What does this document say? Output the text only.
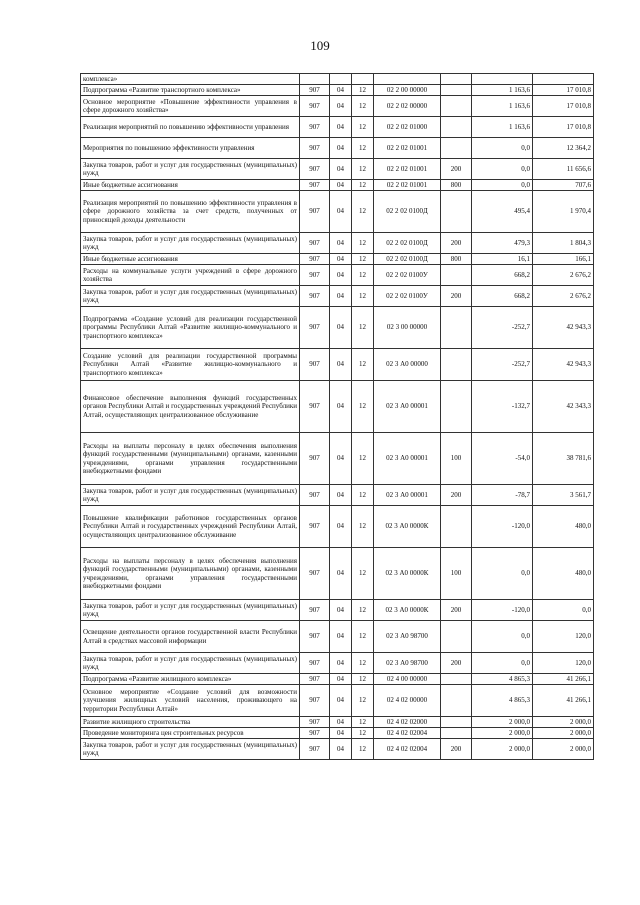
109
комплекса»							
Подпрограмма «Развитие транспортного комплекса»	907	04	12	02 2 00 00000		1 163,6	17 010,8
Основное мероприятие «Повышение эффективности управления в сфере дорожного хозяйства»	907	04	12	02 2 02 00000		1 163,6	17 010,8
Реализация мероприятий по повышению эффективности управления	907	04	12	02 2 02 01000		1 163,6	17 010,8
Мероприятия по повышению эффективности управления	907	04	12	02 2 02 01001		0,0	12 364,2
Закупка товаров, работ и услуг для государственных (муниципальных) нужд	907	04	12	02 2 02 01001	200	0,0	11 656,6
Иные бюджетные ассигнования	907	04	12	02 2 02 01001	800	0,0	707,6
Реализация мероприятий по повышению эффективности управления в сфере дорожного хозяйства за счет средств, полученных от приносящей доходы деятельности	907	04	12	02 2 02 0100Д		495,4	1 970,4
Закупка товаров, работ и услуг для государственных (муниципальных) нужд	907	04	12	02 2 02 0100Д	200	479,3	1 804,3
Иные бюджетные ассигнования	907	04	12	02 2 02 0100Д	800	16,1	166,1
Расходы на коммунальные услуги учреждений в сфере дорожного хозяйства	907	04	12	02 2 02 0100У		668,2	2 676,2
Закупка товаров, работ и услуг для государственных (муниципальных) нужд	907	04	12	02 2 02 0100У	200	668,2	2 676,2
Подпрограмма «Создание условий для реализации государственной программы Республики Алтай «Развитие жилищно-коммунального и транспортного комплекса»	907	04	12	02 3 00 00000		-252,7	42 943,3
Создание условий для реализации государственной программы Республики Алтай «Развитие жилищно-коммунального и транспортного комплекса»	907	04	12	02 3 А0 00000		-252,7	42 943,3
Финансовое обеспечение выполнения функций государственных органов Республики Алтай и государственных учреждений Республики Алтай, осуществляющих централизованное обслуживание	907	04	12	02 3 А0 00001		-132,7	42 343,3
Расходы на выплаты персоналу в целях обеспечения выполнения функций государственными (муниципальными) органами, казенными учреждениями, органами управления государственными внебюджетными фондами	907	04	12	02 3 А0 00001	100	-54,0	38 781,6
Закупка товаров, работ и услуг для государственных (муниципальных) нужд	907	04	12	02 3 А0 00001	200	-78,7	3 561,7
Повышение квалификации работников государственных органов Республики Алтай и государственных учреждений Республики Алтай, осуществляющих централизованное обслуживание	907	04	12	02 3 А0 0000К		-120,0	480,0
Расходы на выплаты персоналу в целях обеспечения выполнения функций государственными (муниципальными) органами, казенными учреждениями, органами управления государственными внебюджетными фондами	907	04	12	02 3 А0 0000К	100	0,0	480,0
Закупка товаров, работ и услуг для государственных (муниципальных) нужд	907	04	12	02 3 А0 0000К	200	-120,0	0,0
Освещение деятельности органов государственной власти Республики Алтай в средствах массовой информации	907	04	12	02 3 А0 98700		0,0	120,0
Закупка товаров, работ и услуг для государственных (муниципальных) нужд	907	04	12	02 3 А0 98700	200	0,0	120,0
Подпрограмма «Развитие жилищного комплекса»	907	04	12	02 4 00 00000		4 865,3	41 266,1
Основное мероприятие «Создание условий для возможности улучшения жилищных условий населения, проживающего на территории Республики Алтай»	907	04	12	02 4 02 00000		4 865,3	41 266,1
Развитие жилищного строительства	907	04	12	02 4 02 02000		2 000,0	2 000,0
Проведение мониторинга цен строительных ресурсов	907	04	12	02 4 02 02004		2 000,0	2 000,0
Закупка товаров, работ и услуг для государственных (муниципальных) нужд	907	04	12	02 4 02 02004	200	2 000,0	2 000,0
